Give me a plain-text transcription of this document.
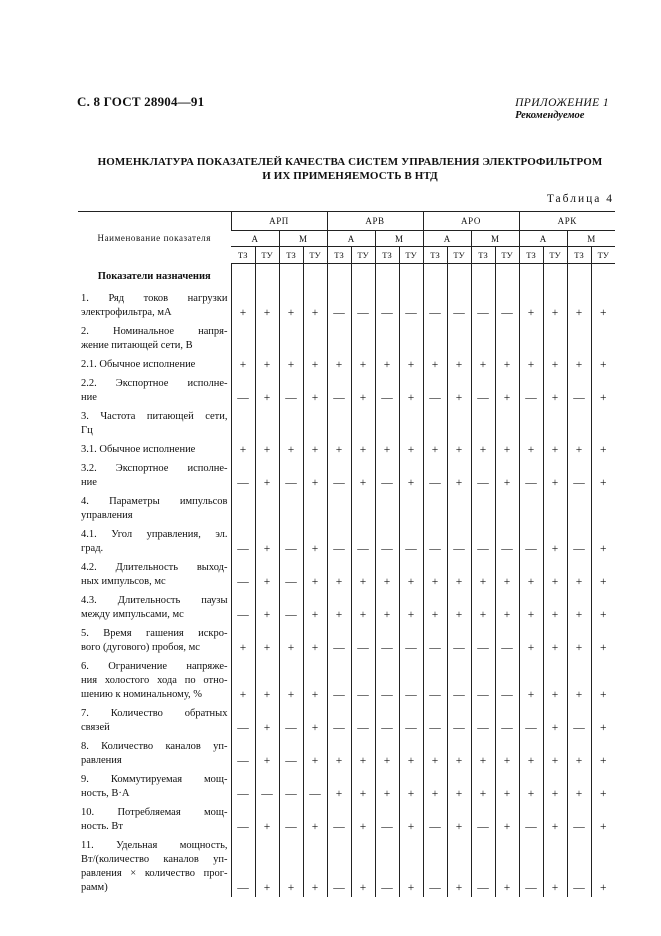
С. 8 ГОСТ 28904—91	ПРИЛОЖЕНИЕ 1
Рекомендуемое
НОМЕНКЛАТУРА ПОКАЗАТЕЛЕЙ КАЧЕСТВА СИСТЕМ УПРАВЛЕНИЯ ЭЛЕКТРОФИЛЬТРОМ
И ИХ ПРИМЕНЯЕМОСТЬ В НТД
Таблица 4
Наименование показателя	АРП				АРВ				АРО				АРК			
	А		М		А		М		А		М		А		М	
	ТЗ	ТУ	ТЗ	ТУ	ТЗ	ТУ	ТЗ	ТУ	ТЗ	ТУ	ТЗ	ТУ	ТЗ	ТУ	ТЗ	ТУ
Показатели назначения																

1. Ряд токов нагрузки
электрофильтра, мА	+	+	+	+	—	—	—	—	—	—	—	—	+	+	+	+

2. Номинальное напря-
жение питающей сети, В																

2.1. Обычное исполнение	+	+	+	+	+	+	+	+	+	+	+	+	+	+	+	+

2.2. Экспортное исполне-
ние	—	+	—	+	—	+	—	+	—	+	—	+	—	+	—	+

3. Частота питающей сети,
Гц																

3.1. Обычное исполнение	+	+	+	+	+	+	+	+	+	+	+	+	+	+	+	+

3.2. Экспортное исполне-
ние	—	+	—	+	—	+	—	+	—	+	—	+	—	+	—	+

4. Параметры импульсов
управления																

4.1. Угол управления, эл.
град.	—	+	—	+	—	—	—	—	—	—	—	—	—	+	—	+

4.2. Длительность выход-
ных импульсов, мс	—	+	—	+	+	+	+	+	+	+	+	+	+	+	+	+

4.3. Длительность паузы
между импульсами, мс	—	+	—	+	+	+	+	+	+	+	+	+	+	+	+	+

5. Время гашения искро-
вого (дугового) пробоя, мс	+	+	+	+	—	—	—	—	—	—	—	—	+	+	+	+

6. Ограничение напряже-
ния холостого хода по отно-
шению к номинальному, %	+	+	+	+	—	—	—	—	—	—	—	—	+	+	+	+

7. Количество обратных
связей	—	+	—	+	—	—	—	—	—	—	—	—	—	+	—	+

8. Количество каналов уп-
равления	—	+	—	+	+	+	+	+	+	+	+	+	+	+	+	+

9. Коммутируемая мощ-
ность, В·А	—	—	—	—	+	+	+	+	+	+	+	+	+	+	+	+

10. Потребляемая мощ-
ность. Вт	—	+	—	+	—	+	—	+	—	+	—	+	—	+	—	+

11. Удельная мощность,
Вт/(количество каналов уп-
равления × количество прог-
рамм)	—	+	+	+	—	+	—	+	—	+	—	+	—	+	—	+
